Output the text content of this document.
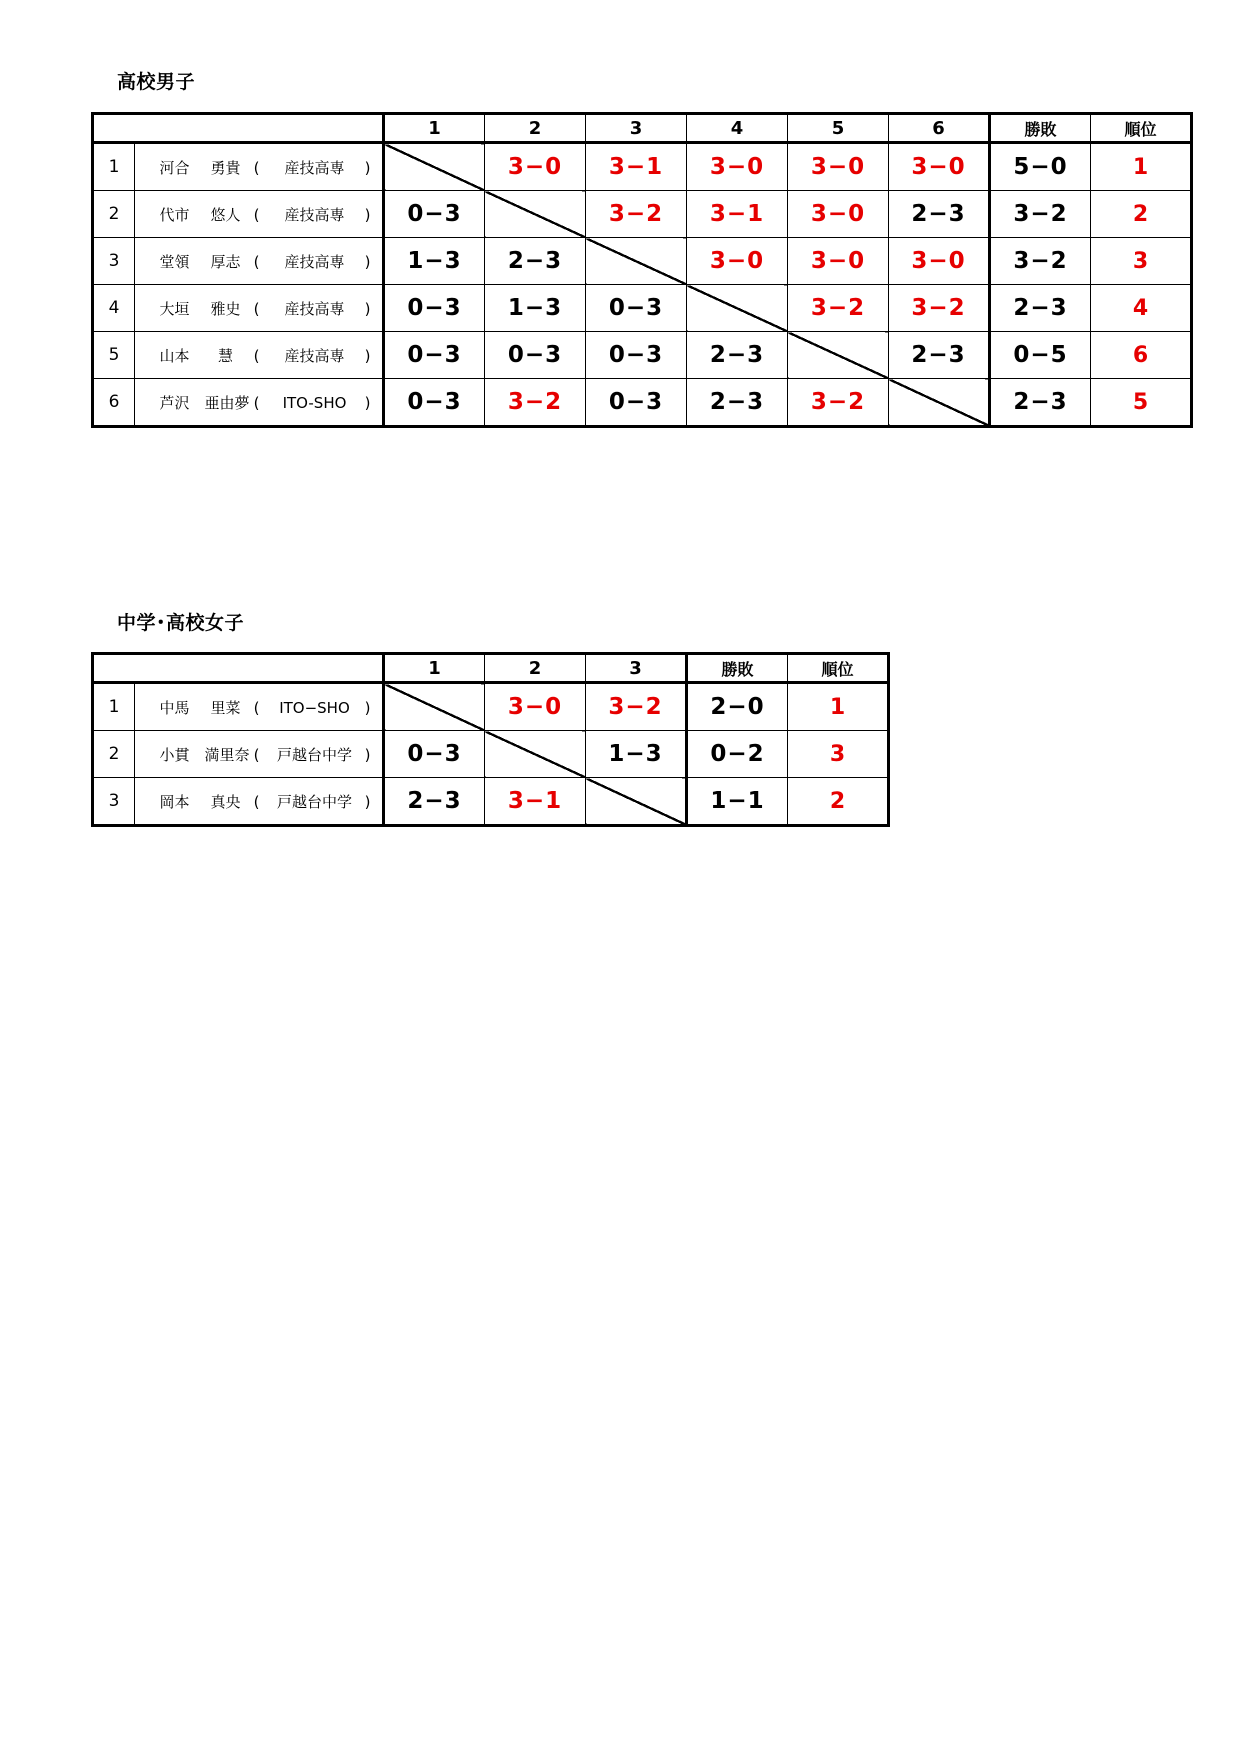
高校男子
		1	2	3	4	5	6	勝敗	順位
1	河合 勇貴 ( 産技高専 )		3−0	3−1	3−0	3−0	3−0	5−0	1
2	代市 悠人 ( 産技高専 )	0−3		3−2	3−1	3−0	2−3	3−2	2
3	堂領 厚志 ( 産技高専 )	1−3	2−3		3−0	3−0	3−0	3−2	3
4	大垣 雅史 ( 産技高専 )	0−3	1−3	0−3		3−2	3−2	2−3	4
5	山本 慧 ( 産技高専 )	0−3	0−3	0−3	2−3		2−3	0−5	6
6	芦沢 亜由夢 ( ITO-SHO )	0−3	3−2	0−3	2−3	3−2		2−3	5
中学･高校女子
		1	2	3	勝敗	順位
1	中馬 里菜 ( ITO−SHO )		3−0	3−2	2−0	1
2	小貫 満里奈 ( 戸越台中学 )	0−3		1−3	0−2	3
3	岡本 真央 ( 戸越台中学 )	2−3	3−1		1−1	2
